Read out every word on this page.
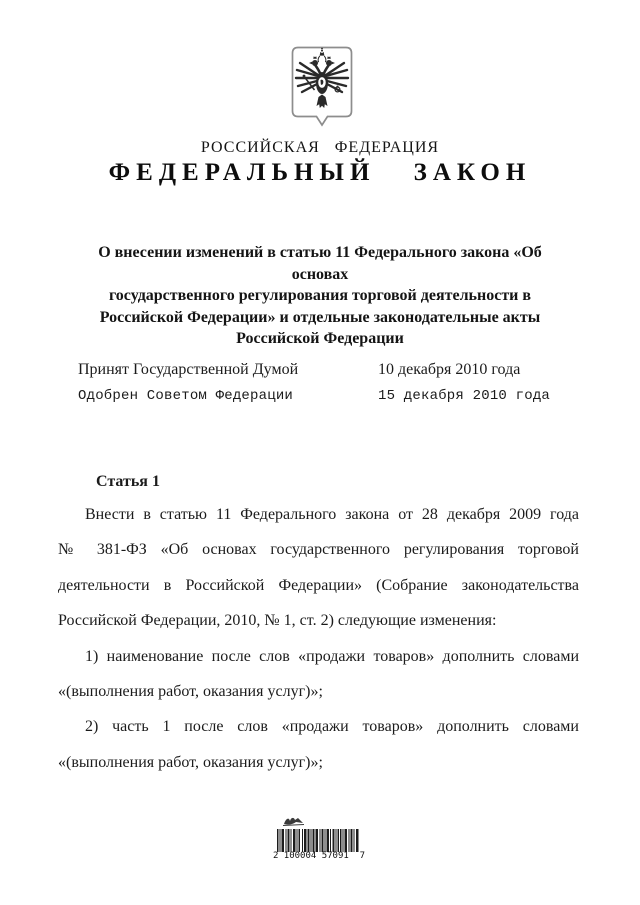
РОССИЙСКАЯ ФЕДЕРАЦИЯ
ФЕДЕРАЛЬНЫЙ ЗАКОН
О внесении изменений в статью 11 Федерального закона «Об основах
государственного регулирования торговой деятельности в
Российской Федерации» и отдельные законодательные акты
Российской Федерации
Принят Государственной Думой	10 декабря 2010 года
Одобрен Советом Федерации	15 декабря 2010 года
Статья 1
Внести в статью 11 Федерального закона от 28 декабря 2009 года
№ 381-ФЗ «Об основах государственного регулирования торговой
деятельности в Российской Федерации» (Собрание законодательства
Российской Федерации, 2010, № 1, ст. 2) следующие изменения:
1) наименование после слов «продажи товаров» дополнить словами
«(выполнения работ, оказания услуг)»;
2) часть 1 после слов «продажи товаров» дополнить словами
«(выполнения работ, оказания услуг)»;
2 100004 57091  7
